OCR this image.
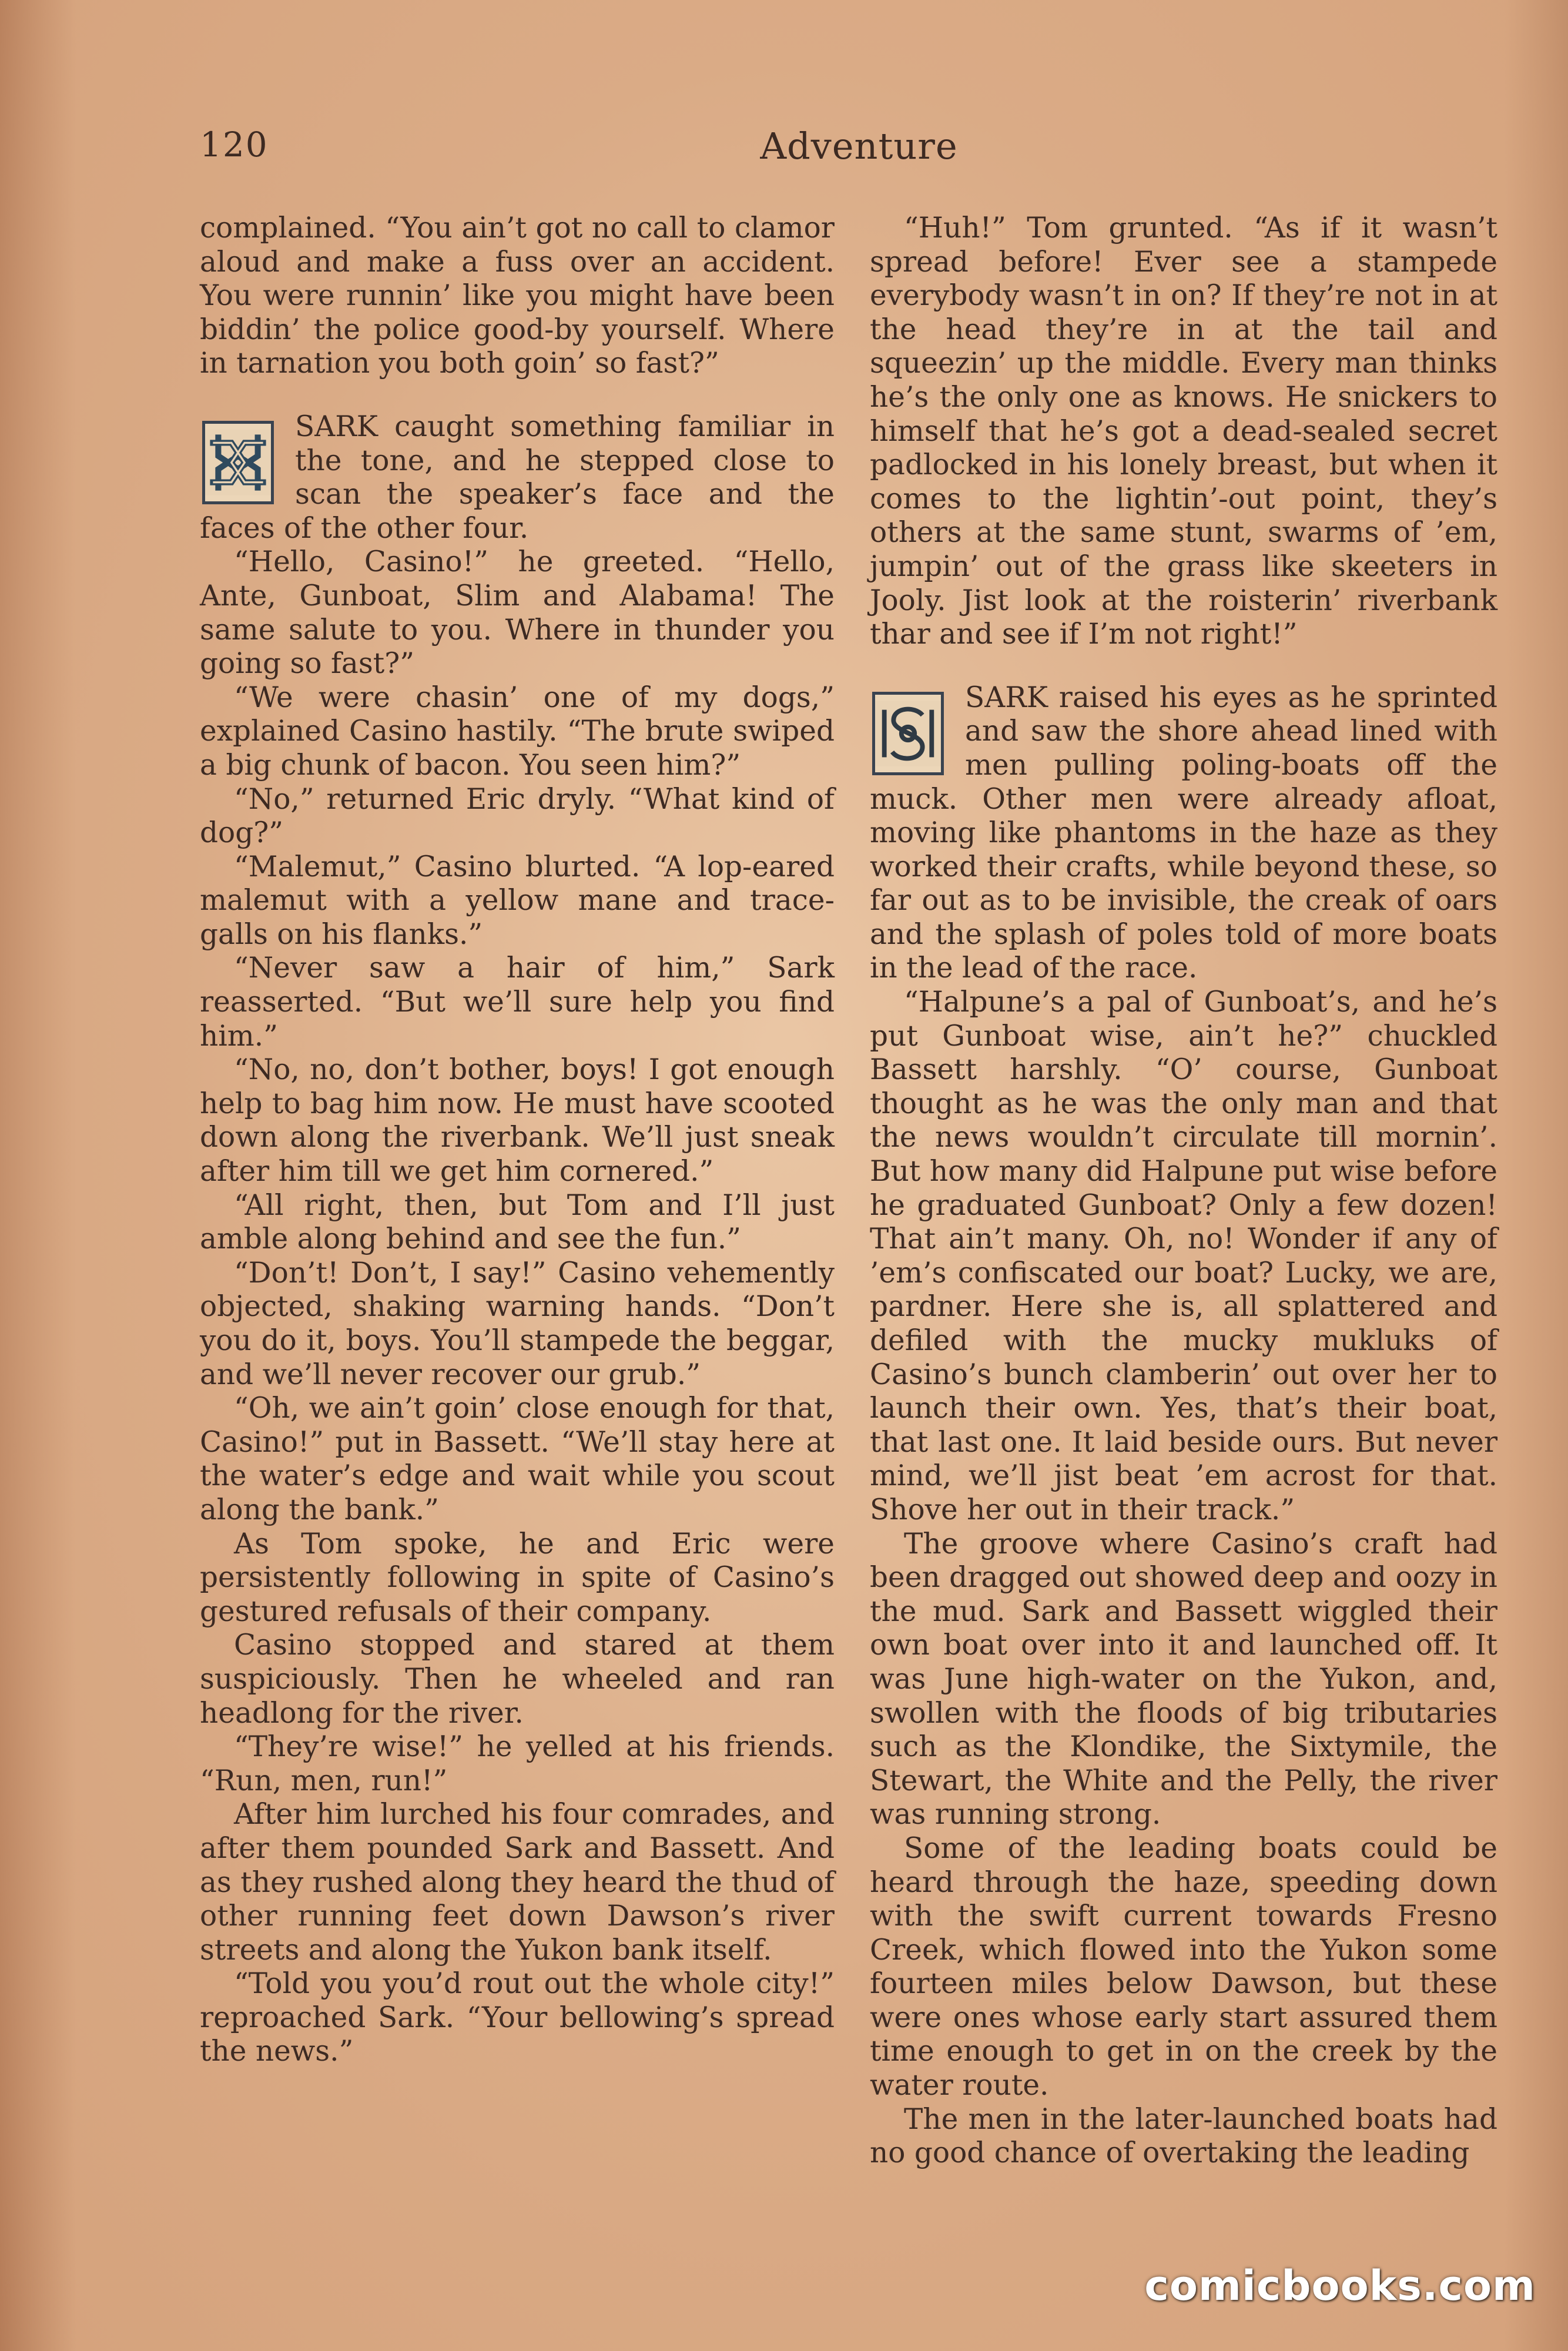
120	Adventure

complained. “You ain’t got no call to clamor aloud and make a fuss over an accident. You were runnin’ like you might have been biddin’ the police good-by yourself. Where in tarnation you both goin’ so fast?”

SARK caught something familiar in the tone, and he stepped close to scan the speaker’s face and the faces of the other four.

“Hello, Casino!” he greeted. “Hello, Ante, Gunboat, Slim and Alabama! The same salute to you. Where in thunder you going so fast?”

“We were chasin’ one of my dogs,” explained Casino hastily. “The brute swiped a big chunk of bacon. You seen him?”

“No,” returned Eric dryly. “What kind of dog?”

“Malemut,” Casino blurted. “A lop-eared malemut with a yellow mane and trace-galls on his flanks.”

“Never saw a hair of him,” Sark reasserted. “But we’ll sure help you find him.”

“No, no, don’t bother, boys! I got enough help to bag him now. He must have scooted down along the riverbank. We’ll just sneak after him till we get him cornered.”

“All right, then, but Tom and I’ll just amble along behind and see the fun.”

“Don’t! Don’t, I say!” Casino vehemently objected, shaking warning hands. “Don’t you do it, boys. You’ll stampede the beggar, and we’ll never recover our grub.”

“Oh, we ain’t goin’ close enough for that, Casino!” put in Bassett. “We’ll stay here at the water’s edge and wait while you scout along the bank.”

As Tom spoke, he and Eric were persistently following in spite of Casino’s gestured refusals of their company.

Casino stopped and stared at them suspiciously. Then he wheeled and ran headlong for the river.

“They’re wise!” he yelled at his friends. “Run, men, run!”

After him lurched his four comrades, and after them pounded Sark and Bassett. And as they rushed along they heard the thud of other running feet down Dawson’s river streets and along the Yukon bank itself.

“Told you you’d rout out the whole city!” reproached Sark. “Your bellowing’s spread the news.”

“Huh!” Tom grunted. “As if it wasn’t spread before! Ever see a stampede everybody wasn’t in on? If they’re not in at the head they’re in at the tail and squeezin’ up the middle. Every man thinks he’s the only one as knows. He snickers to himself that he’s got a dead-sealed secret padlocked in his lonely breast, but when it comes to the lightin’-out point, they’s others at the same stunt, swarms of ’em, jumpin’ out of the grass like skeeters in Jooly. Jist look at the roisterin’ riverbank thar and see if I’m not right!”

SARK raised his eyes as he sprinted and saw the shore ahead lined with men pulling poling-boats off the muck. Other men were already afloat, moving like phantoms in the haze as they worked their crafts, while beyond these, so far out as to be invisible, the creak of oars and the splash of poles told of more boats in the lead of the race.

“Halpune’s a pal of Gunboat’s, and he’s put Gunboat wise, ain’t he?” chuckled Bassett harshly. “O’ course, Gunboat thought as he was the only man and that the news wouldn’t circulate till mornin’. But how many did Halpune put wise before he graduated Gunboat? Only a few dozen! That ain’t many. Oh, no! Wonder if any of ’em’s confiscated our boat? Lucky, we are, pardner. Here she is, all splattered and defiled with the mucky mukluks of Casino’s bunch clamberin’ out over her to launch their own. Yes, that’s their boat, that last one. It laid beside ours. But never mind, we’ll jist beat ’em acrost for that. Shove her out in their track.”

The groove where Casino’s craft had been dragged out showed deep and oozy in the mud. Sark and Bassett wiggled their own boat over into it and launched off. It was June high-water on the Yukon, and, swollen with the floods of big tributaries such as the Klondike, the Sixtymile, the Stewart, the White and the Pelly, the river was running strong.

Some of the leading boats could be heard through the haze, speeding down with the swift current towards Fresno Creek, which flowed into the Yukon some fourteen miles below Dawson, but these were ones whose early start assured them time enough to get in on the creek by the water route.

The men in the later-launched boats had no good chance of overtaking the leading

comicbooks.com
